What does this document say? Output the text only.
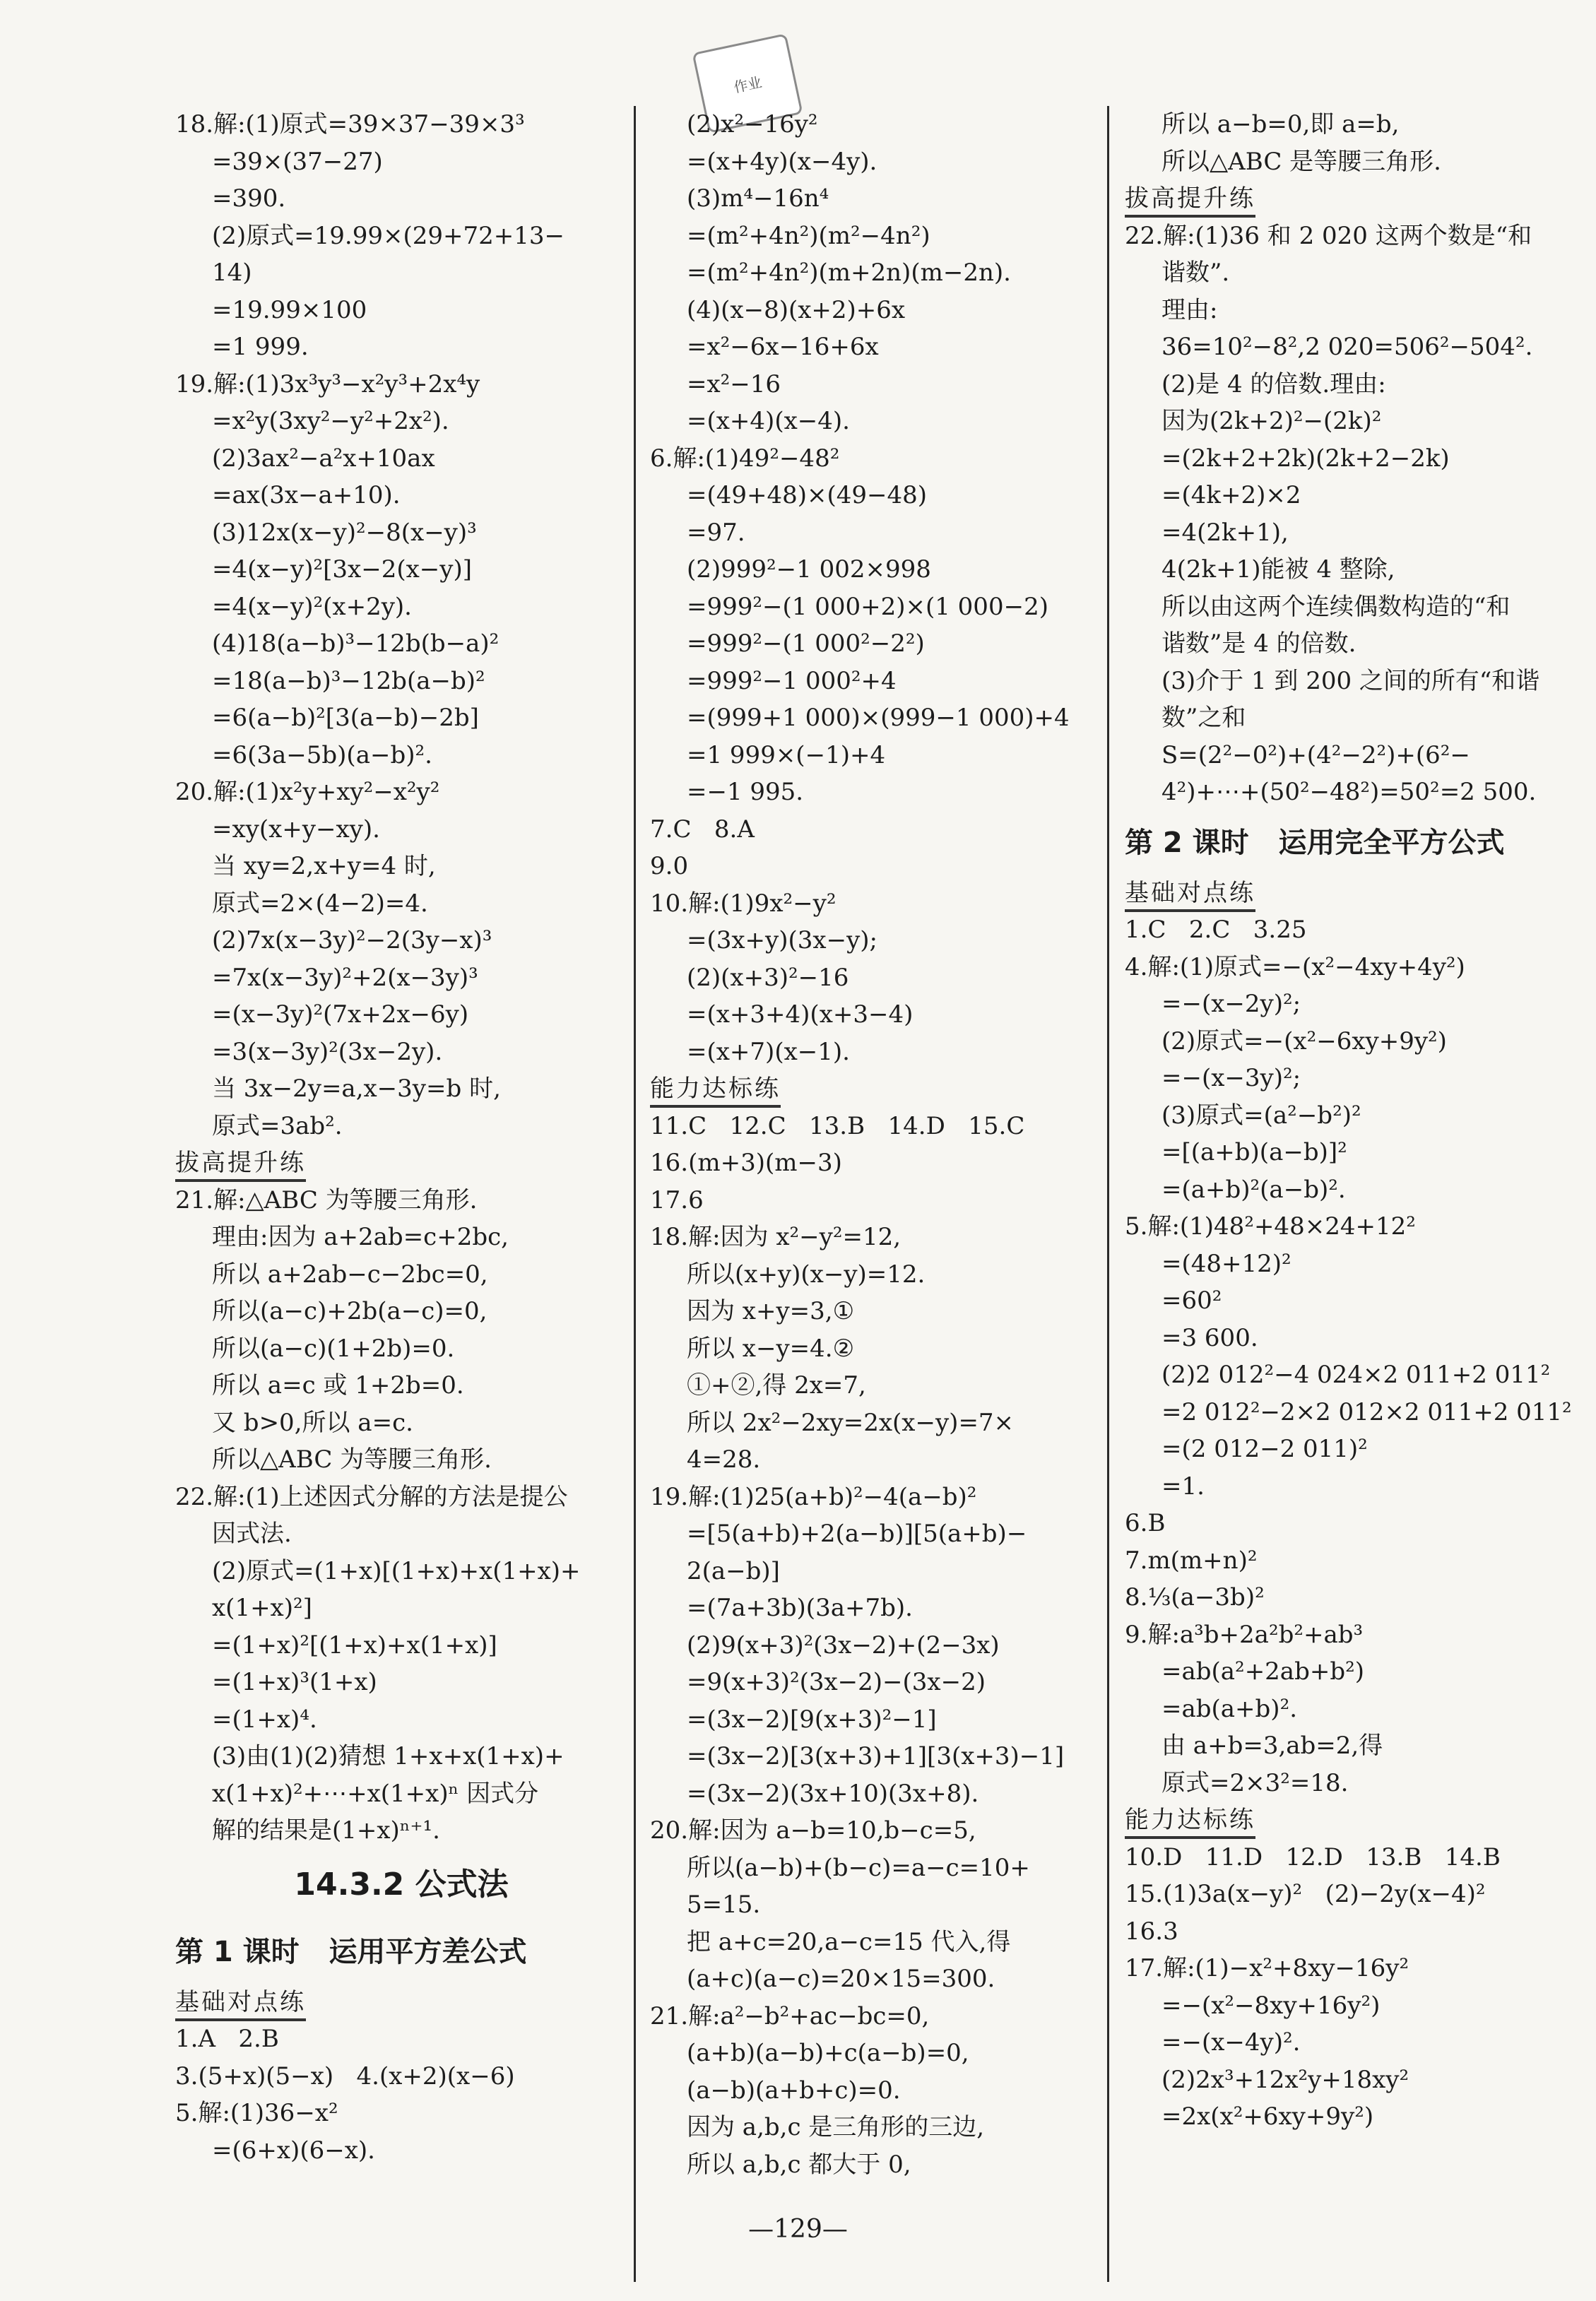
作业
18.解:(1)原式=39×37−39×3³
=39×(37−27)
=390.
(2)原式=19.99×(29+72+13−
14)
=19.99×100
=1 999.
19.解:(1)3x³y³−x²y³+2x⁴y
=x²y(3xy²−y²+2x²).
(2)3ax²−a²x+10ax
=ax(3x−a+10).
(3)12x(x−y)²−8(x−y)³
=4(x−y)²[3x−2(x−y)]
=4(x−y)²(x+2y).
(4)18(a−b)³−12b(b−a)²
=18(a−b)³−12b(a−b)²
=6(a−b)²[3(a−b)−2b]
=6(3a−5b)(a−b)².
20.解:(1)x²y+xy²−x²y²
=xy(x+y−xy).
当 xy=2,x+y=4 时,
原式=2×(4−2)=4.
(2)7x(x−3y)²−2(3y−x)³
=7x(x−3y)²+2(x−3y)³
=(x−3y)²(7x+2x−6y)
=3(x−3y)²(3x−2y).
当 3x−2y=a,x−3y=b 时,
原式=3ab².
拔高提升练
21.解:△ABC 为等腰三角形.
理由:因为 a+2ab=c+2bc,
所以 a+2ab−c−2bc=0,
所以(a−c)+2b(a−c)=0,
所以(a−c)(1+2b)=0.
所以 a=c 或 1+2b=0.
又 b>0,所以 a=c.
所以△ABC 为等腰三角形.
22.解:(1)上述因式分解的方法是提公
因式法.
(2)原式=(1+x)[(1+x)+x(1+x)+
x(1+x)²]
=(1+x)²[(1+x)+x(1+x)]
=(1+x)³(1+x)
=(1+x)⁴.
(3)由(1)(2)猜想 1+x+x(1+x)+
x(1+x)²+⋯+x(1+x)ⁿ 因式分
解的结果是(1+x)ⁿ⁺¹.
14.3.2 公式法
第 1 课时   运用平方差公式
基础对点练
1.A   2.B
3.(5+x)(5−x)   4.(x+2)(x−6)
5.解:(1)36−x²
=(6+x)(6−x).
(2)x²−16y²
=(x+4y)(x−4y).
(3)m⁴−16n⁴
=(m²+4n²)(m²−4n²)
=(m²+4n²)(m+2n)(m−2n).
(4)(x−8)(x+2)+6x
=x²−6x−16+6x
=x²−16
=(x+4)(x−4).
6.解:(1)49²−48²
=(49+48)×(49−48)
=97.
(2)999²−1 002×998
=999²−(1 000+2)×(1 000−2)
=999²−(1 000²−2²)
=999²−1 000²+4
=(999+1 000)×(999−1 000)+4
=1 999×(−1)+4
=−1 995.
7.C   8.A
9.0
10.解:(1)9x²−y²
=(3x+y)(3x−y);
(2)(x+3)²−16
=(x+3+4)(x+3−4)
=(x+7)(x−1).
能力达标练
11.C   12.C   13.B   14.D   15.C
16.(m+3)(m−3)
17.6
18.解:因为 x²−y²=12,
所以(x+y)(x−y)=12.
因为 x+y=3,①
所以 x−y=4.②
①+②,得 2x=7,
所以 2x²−2xy=2x(x−y)=7×
4=28.
19.解:(1)25(a+b)²−4(a−b)²
=[5(a+b)+2(a−b)][5(a+b)−
2(a−b)]
=(7a+3b)(3a+7b).
(2)9(x+3)²(3x−2)+(2−3x)
=9(x+3)²(3x−2)−(3x−2)
=(3x−2)[9(x+3)²−1]
=(3x−2)[3(x+3)+1][3(x+3)−1]
=(3x−2)(3x+10)(3x+8).
20.解:因为 a−b=10,b−c=5,
所以(a−b)+(b−c)=a−c=10+
5=15.
把 a+c=20,a−c=15 代入,得
(a+c)(a−c)=20×15=300.
21.解:a²−b²+ac−bc=0,
(a+b)(a−b)+c(a−b)=0,
(a−b)(a+b+c)=0.
因为 a,b,c 是三角形的三边,
所以 a,b,c 都大于 0,
所以 a−b=0,即 a=b,
所以△ABC 是等腰三角形.
拔高提升练
22.解:(1)36 和 2 020 这两个数是“和
谐数”.
理由:
36=10²−8²,2 020=506²−504².
(2)是 4 的倍数.理由:
因为(2k+2)²−(2k)²
=(2k+2+2k)(2k+2−2k)
=(4k+2)×2
=4(2k+1),
4(2k+1)能被 4 整除,
所以由这两个连续偶数构造的“和
谐数”是 4 的倍数.
(3)介于 1 到 200 之间的所有“和谐
数”之和
S=(2²−0²)+(4²−2²)+(6²−
4²)+⋯+(50²−48²)=50²=2 500.
第 2 课时   运用完全平方公式
基础对点练
1.C   2.C   3.25
4.解:(1)原式=−(x²−4xy+4y²)
=−(x−2y)²;
(2)原式=−(x²−6xy+9y²)
=−(x−3y)²;
(3)原式=(a²−b²)²
=[(a+b)(a−b)]²
=(a+b)²(a−b)².
5.解:(1)48²+48×24+12²
=(48+12)²
=60²
=3 600.
(2)2 012²−4 024×2 011+2 011²
=2 012²−2×2 012×2 011+2 011²
=(2 012−2 011)²
=1.
6.B
7.m(m+n)²
8.⅓(a−3b)²
9.解:a³b+2a²b²+ab³
=ab(a²+2ab+b²)
=ab(a+b)².
由 a+b=3,ab=2,得
原式=2×3²=18.
能力达标练
10.D   11.D   12.D   13.B   14.B
15.(1)3a(x−y)²   (2)−2y(x−4)²
16.3
17.解:(1)−x²+8xy−16y²
=−(x²−8xy+16y²)
=−(x−4y)².
(2)2x³+12x²y+18xy²
=2x(x²+6xy+9y²)
—129—
